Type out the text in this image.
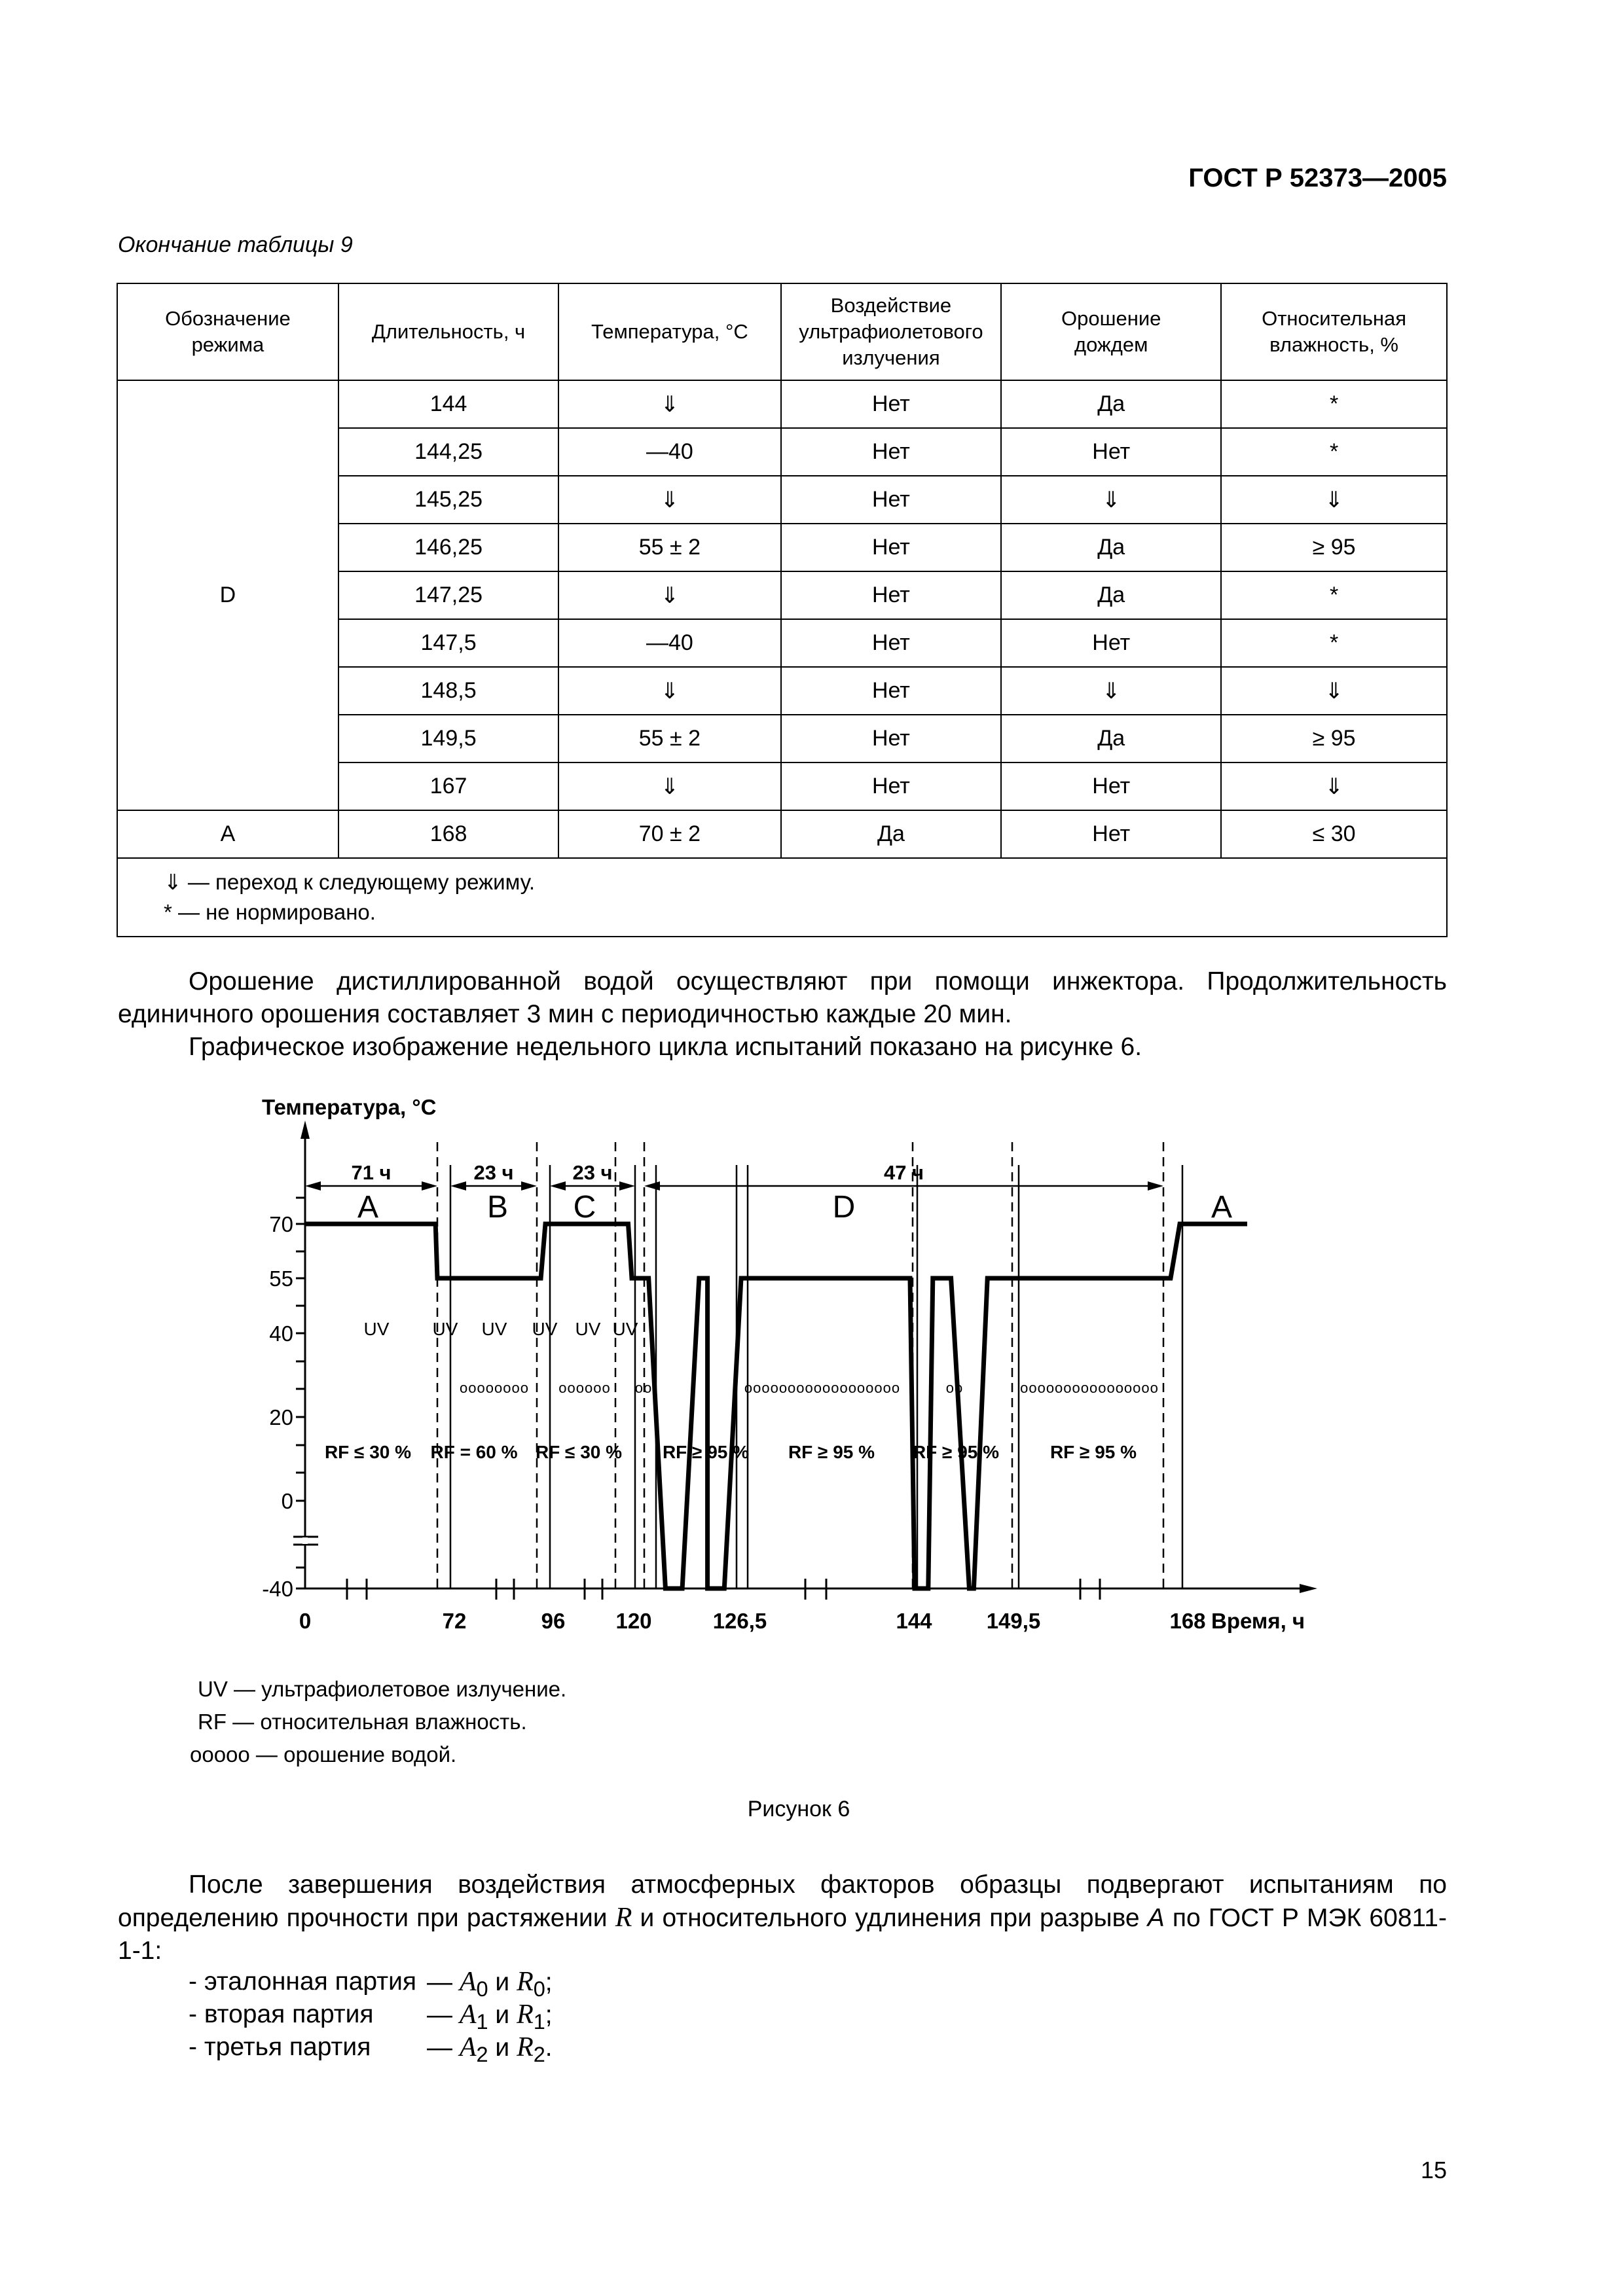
ГОСТ Р 52373—2005
Окончание таблицы 9
Обозначение режима	Длительность, ч	Температура, °C	Воздействие ультрафиолетового излучения	Орошение дождем	Относительная влажность, %
D	144	⇓	Нет	Да	*
	144,25	—40	Нет	Нет	*
	145,25	⇓	Нет	⇓	⇓
	146,25	55 ± 2	Нет	Да	≥ 95
	147,25	⇓	Нет	Да	*
	147,5	—40	Нет	Нет	*
	148,5	⇓	Нет	⇓	⇓
	149,5	55 ± 2	Нет	Да	≥ 95
	167	⇓	Нет	Нет	⇓
A	168	70 ± 2	Да	Нет	≤ 30

⇓ — переход к следующему режиму.
* — не нормировано.					
Орошение дистиллированной водой осуществляют при помощи инжектора. Продолжительность единичного орошения составляет 3 мин с периодичностью каждые 20 мин.
Графическое изображение недельного цикла испытаний показано на рисунке 6.
Температура, °C
70
55
40
20
0
-40
0	72	96 120	126,5	144	149,5	168 Время, ч
71 ч	23 ч	23 ч	47 ч
A	B C	D	A
UV UV UV UV UV UV
oooooooo oooooo oo	oooooooooooooooooo	oo	oooooooooooooooo
RF ≤ 30 % RF = 60 % RF ≤ 30 % RF ≥ 95 % RF ≥ 95 % RF ≥ 95 %	RF ≥ 95 %
UV — ультрафиолетовое излучение.
RF — относительная влажность.
ooooo — орошение водой.
Рисунок 6
После завершения воздействия атмосферных факторов образцы подвергают испытаниям по определению прочности при растяжении R и относительного удлинения при разрыве А по ГОСТ Р МЭК 60811-1-1:
- эталонная партия — $A_0$ и $R_0$;
- вторая партия — $A_1$ и $R_1$;
- третья партия — $A_2$ и $R_2$.
15
